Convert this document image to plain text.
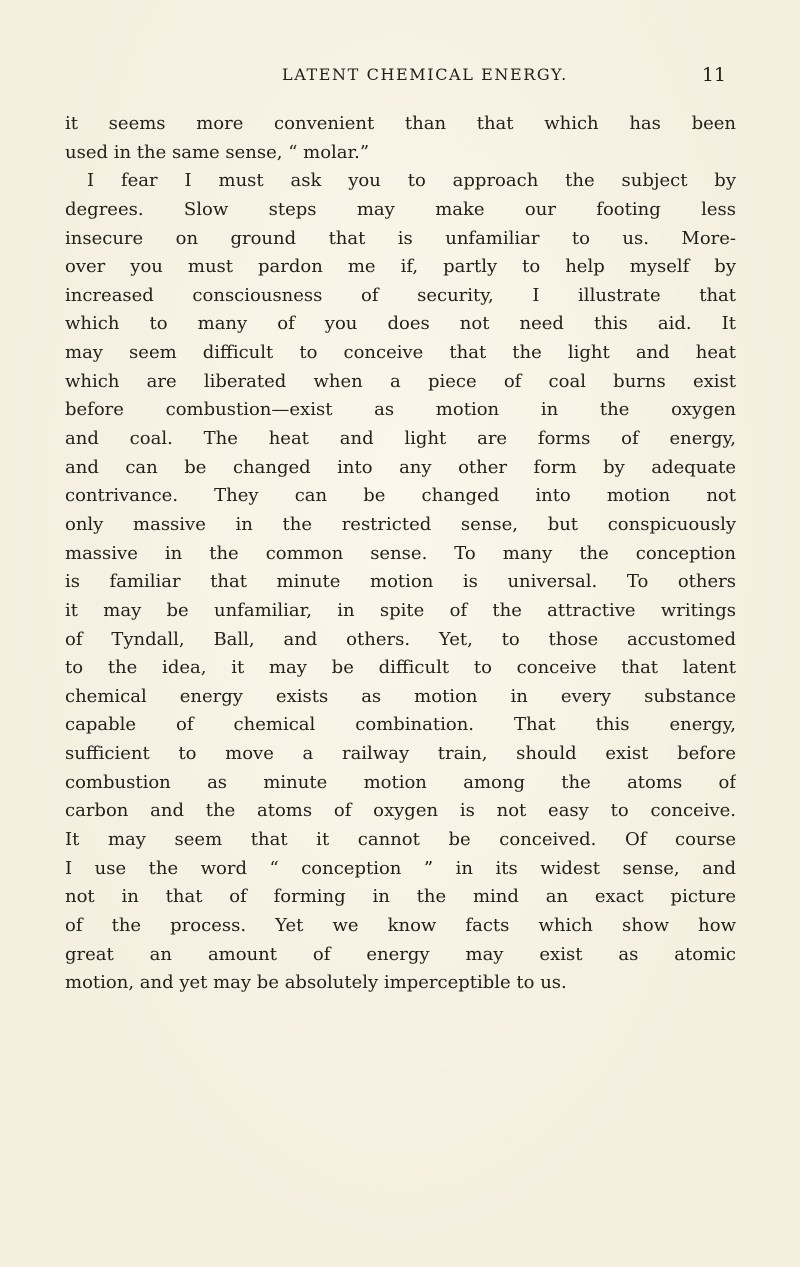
LATENT CHEMICAL ENERGY.	11
it seems more convenient than that which has been
used in the same sense, “ molar.”
I fear I must ask you to approach the subject by
degrees. Slow steps may make our footing less
insecure on ground that is unfamiliar to us. More-
over you must pardon me if, partly to help myself by
increased consciousness of security, I illustrate that
which to many of you does not need this aid. It
may seem difficult to conceive that the light and heat
which are liberated when a piece of coal burns exist
before combustion—exist as motion in the oxygen
and coal. The heat and light are forms of energy,
and can be changed into any other form by adequate
contrivance. They can be changed into motion not
only massive in the restricted sense, but conspicuously
massive in the common sense. To many the conception
is familiar that minute motion is universal. To others
it may be unfamiliar, in spite of the attractive writings
of Tyndall, Ball, and others. Yet, to those accustomed
to the idea, it may be difficult to conceive that latent
chemical energy exists as motion in every substance
capable of chemical combination. That this energy,
sufficient to move a railway train, should exist before
combustion as minute motion among the atoms of
carbon and the atoms of oxygen is not easy to conceive.
It may seem that it cannot be conceived. Of course
I use the word “ conception ” in its widest sense, and
not in that of forming in the mind an exact picture
of the process. Yet we know facts which show how
great an amount of energy may exist as atomic
motion, and yet may be absolutely imperceptible to us.
